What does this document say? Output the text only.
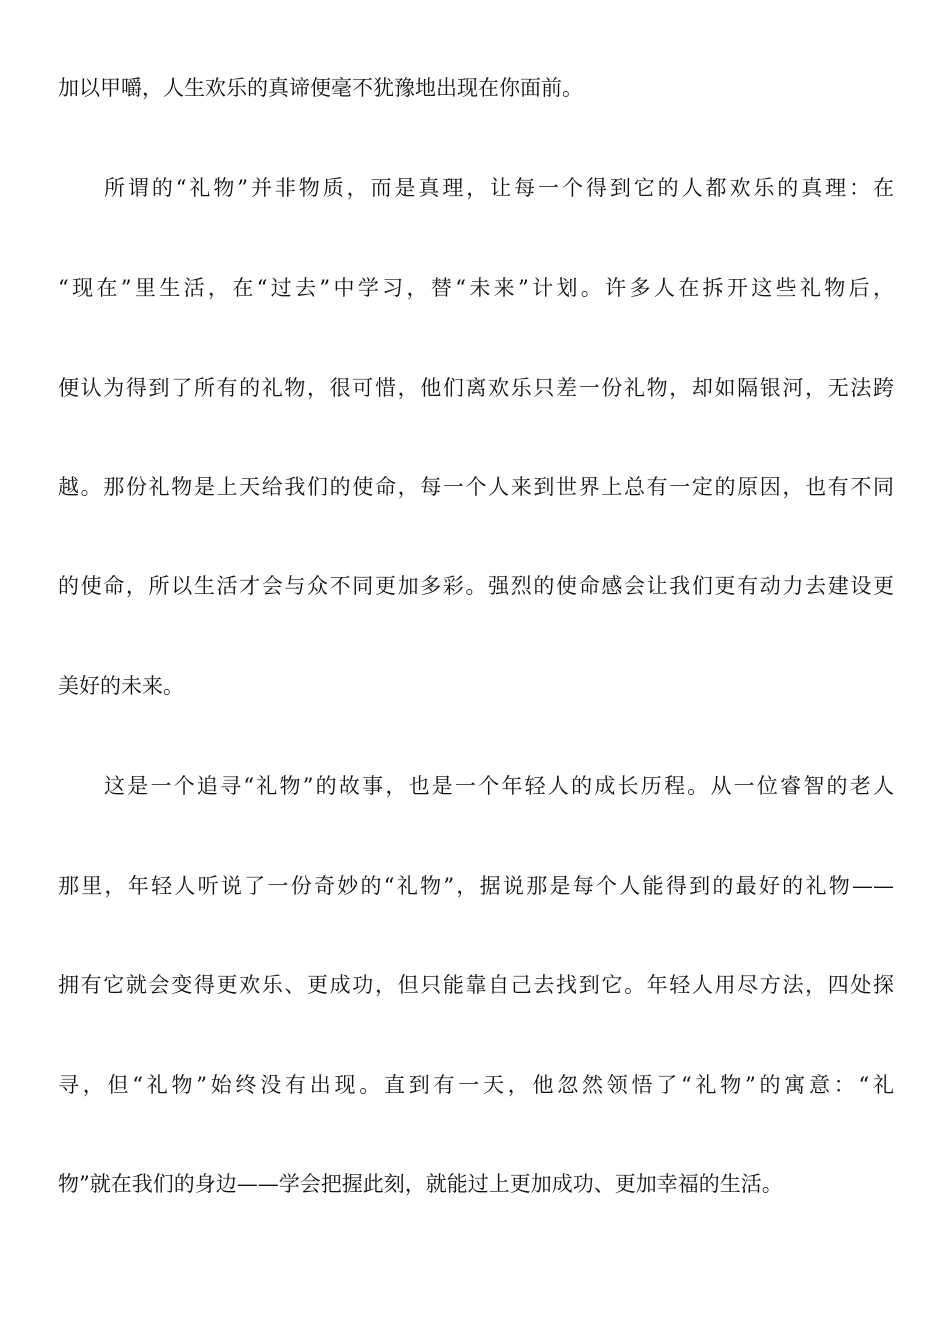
加以甲嚼，人生欢乐的真谛便毫不犹豫地出现在你面前。
所谓的“礼物”并非物质，而是真理，让每一个得到它的人都欢乐的真理：在
“现在”里生活，在“过去”中学习，替“未来”计划。许多人在拆开这些礼物后，
便认为得到了所有的礼物，很可惜，他们离欢乐只差一份礼物，却如隔银河，无法跨
越。那份礼物是上天给我们的使命，每一个人来到世界上总有一定的原因，也有不同
的使命，所以生活才会与众不同更加多彩。强烈的使命感会让我们更有动力去建设更
美好的未来。
这是一个追寻“礼物”的故事，也是一个年轻人的成长历程。从一位睿智的老人
那里，年轻人听说了一份奇妙的“礼物”，据说那是每个人能得到的最好的礼物——
拥有它就会变得更欢乐、更成功，但只能靠自己去找到它。年轻人用尽方法，四处探
寻，但“礼物”始终没有出现。直到有一天，他忽然领悟了“礼物”的寓意：“礼
物”就在我们的身边——学会把握此刻，就能过上更加成功、更加幸福的生活。
